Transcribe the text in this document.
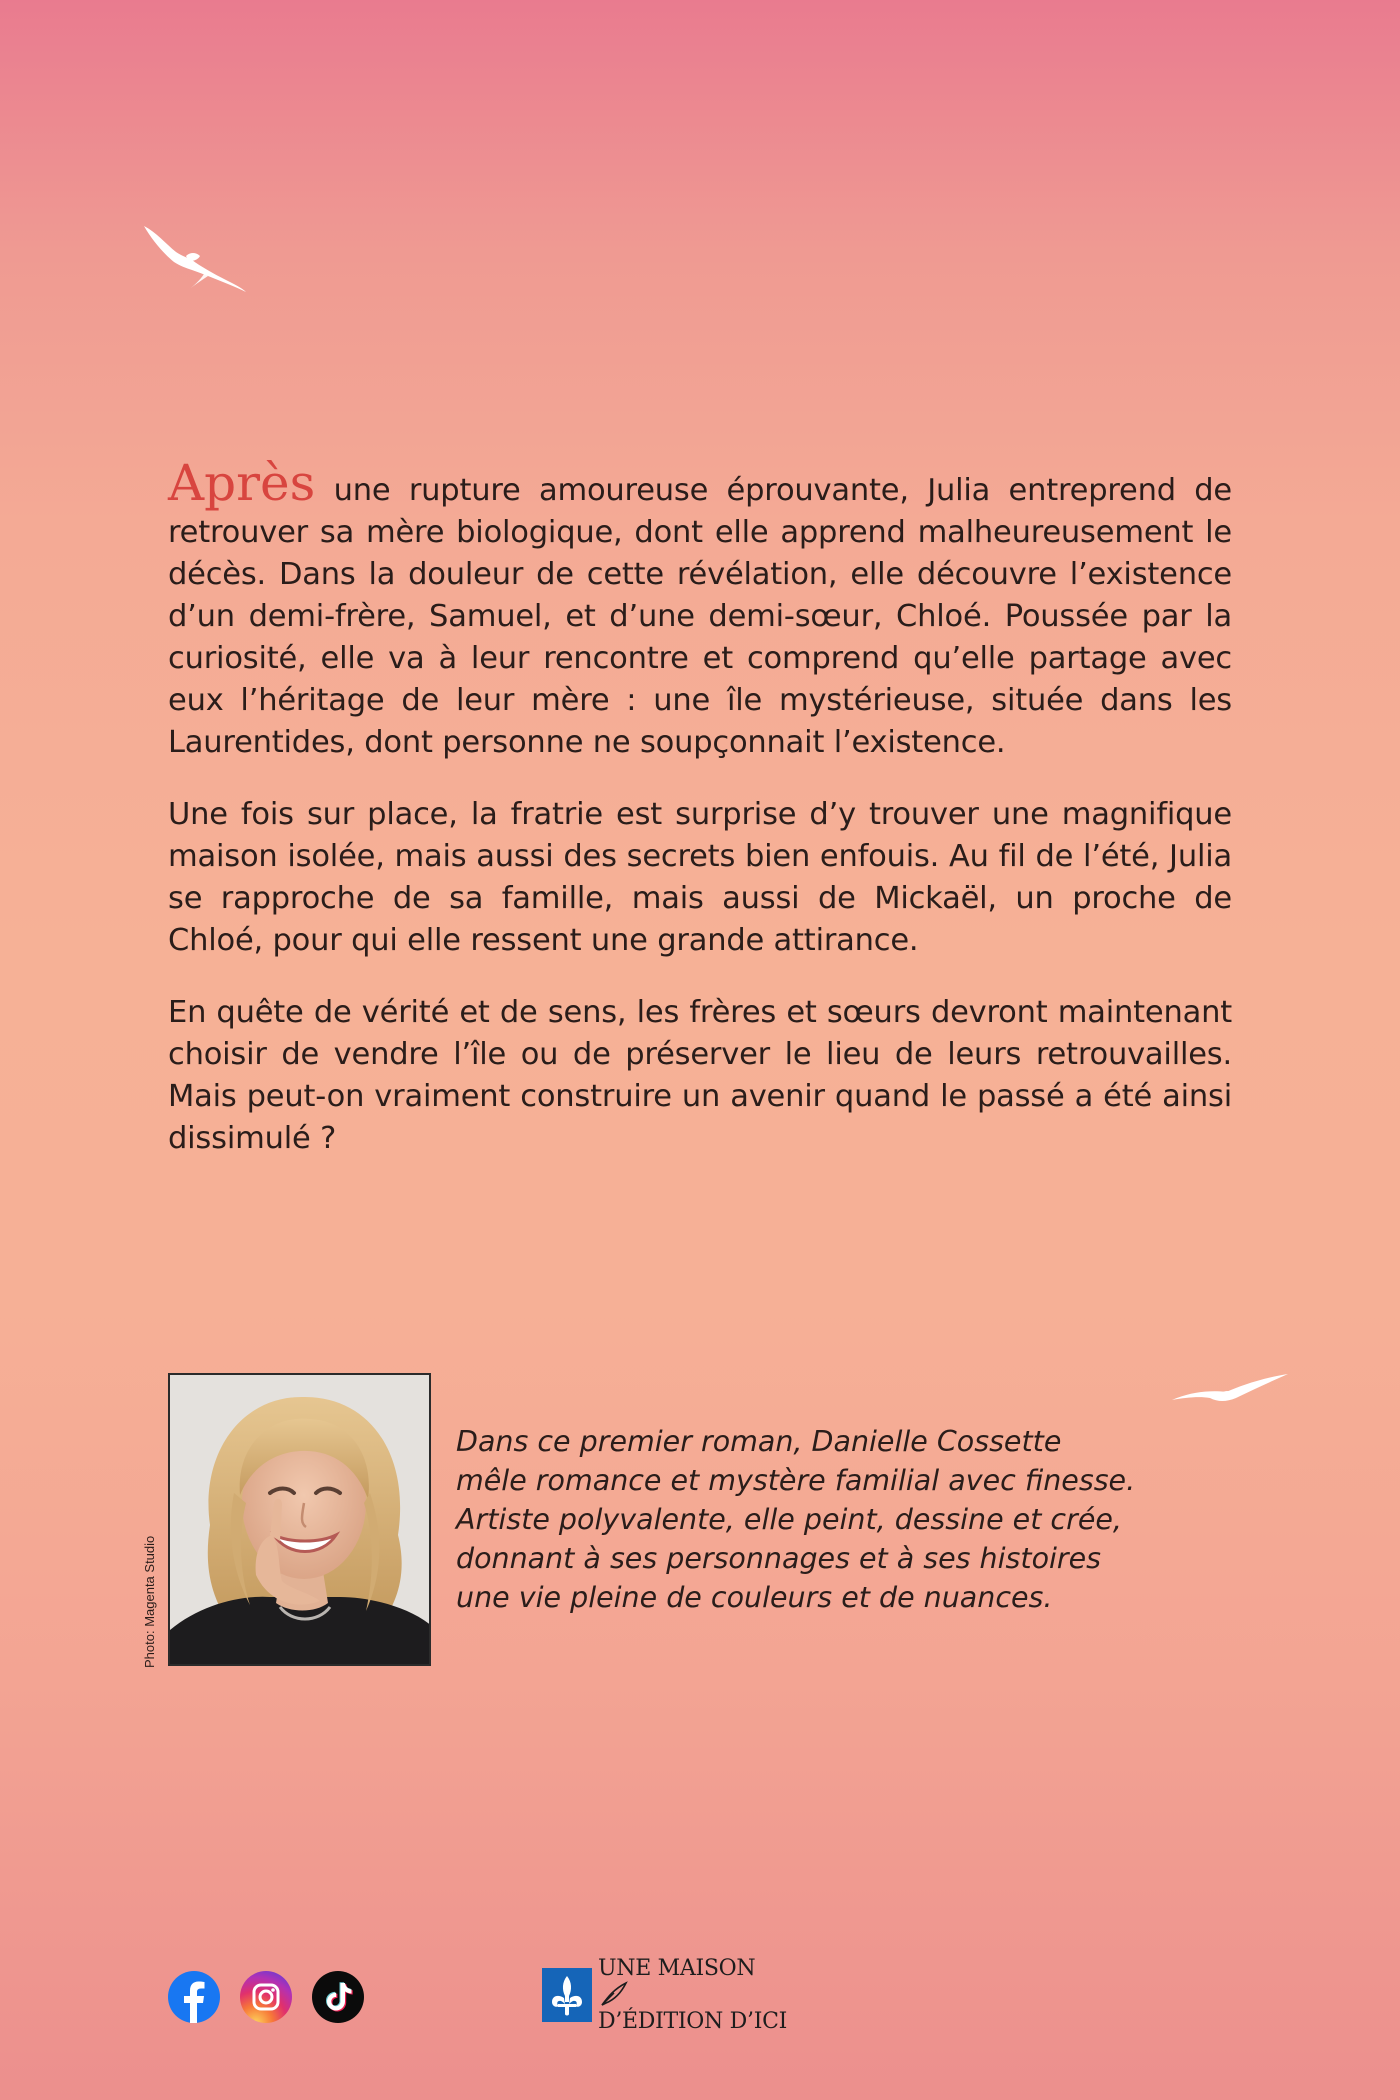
Après une rupture amoureuse éprouvante, Julia entreprend de retrouver sa mère biologique, dont elle apprend malheureusement le décès. Dans la douleur de cette révélation, elle découvre l’existence d’un demi-frère, Samuel, et d’une demi-sœur, Chloé. Poussée par la curiosité, elle va à leur rencontre et comprend qu’elle partage avec eux l’héritage de leur mère : une île mystérieuse, située dans les Laurentides, dont personne ne soupçonnait l’existence.

Une fois sur place, la fratrie est surprise d’y trouver une magnifique maison isolée, mais aussi des secrets bien enfouis. Au fil de l’été, Julia se rapproche de sa famille, mais aussi de Mickaël, un proche de Chloé, pour qui elle ressent une grande attirance.

En quête de vérité et de sens, les frères et sœurs devront maintenant choisir de vendre l’île ou de préserver le lieu de leurs retrouvailles. Mais peut-on vraiment construire un avenir quand le passé a été ainsi dissimulé ?

Photo: Magenta Studio
Dans ce premier roman, Danielle Cossette
mêle romance et mystère familial avec finesse.
Artiste polyvalente, elle peint, dessine et crée,
donnant à ses personnages et à ses histoires
une vie pleine de couleurs et de nuances.
UNE MAISON
D’ÉDITION D’ICI
